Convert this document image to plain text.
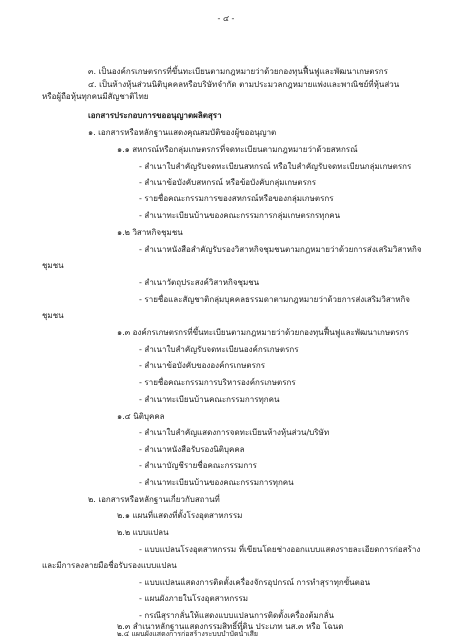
- ๔ -
๓. เป็นองค์กรเกษตรกรที่ขึ้นทะเบียนตามกฎหมายว่าด้วยกองทุนฟื้นฟูและพัฒนาเกษตรกร
๔. เป็นห้างหุ้นส่วนนิติบุคคลหรือบริษัทจำกัด ตามประมวลกฎหมายแพ่งและพาณิชย์ที่หุ้นส่วน
หรือผู้ถือหุ้นทุกคนมีสัญชาติไทย
เอกสารประกอบการขออนุญาตผลิตสุรา
๑. เอกสารหรือหลักฐานแสดงคุณสมบัติของผู้ขออนุญาต
๑.๑ สหกรณ์หรือกลุ่มเกษตรกรที่จดทะเบียนตามกฎหมายว่าด้วยสหกรณ์
- สำเนาใบสำคัญรับจดทะเบียนสหกรณ์ หรือใบสำคัญรับจดทะเบียนกลุ่มเกษตรกร
- สำเนาข้อบังคับสหกรณ์ หรือข้อบังคับกลุ่มเกษตรกร
- รายชื่อคณะกรรมการของสหกรณ์หรือของกลุ่มเกษตรกร
- สำเนาทะเบียนบ้านของคณะกรรมการกลุ่มเกษตรกรทุกคน
๑.๒ วิสาหกิจชุมชน
- สำเนาหนังสือสำคัญรับรองวิสาหกิจชุมชนตามกฎหมายว่าด้วยการส่งเสริมวิสาหกิจ
ชุมชน
- สำเนาวัตถุประสงค์วิสาหกิจชุมชน
- รายชื่อและสัญชาติกลุ่มบุคคลธรรมดาตามกฎหมายว่าด้วยการส่งเสริมวิสาหกิจ
ชุมชน
๑.๓ องค์กรเกษตรกรที่ขึ้นทะเบียนตามกฎหมายว่าด้วยกองทุนฟื้นฟูและพัฒนาเกษตรกร
- สำเนาใบสำคัญรับจดทะเบียนองค์กรเกษตรกร
- สำเนาข้อบังคับขององค์กรเกษตรกร
- รายชื่อคณะกรรมการบริหารองค์กรเกษตรกร
- สำเนาทะเบียนบ้านคณะกรรมการทุกคน
๑.๔ นิติบุคคล
- สำเนาใบสำคัญแสดงการจดทะเบียนห้างหุ้นส่วน/บริษัท
- สำเนาหนังสือรับรองนิติบุคคล
- สำเนาบัญชีรายชื่อคณะกรรมการ
- สำเนาทะเบียนบ้านของคณะกรรมการทุกคน
๒. เอกสารหรือหลักฐานเกี่ยวกับสถานที่
๒.๑ แผนที่แสดงที่ตั้งโรงอุตสาหกรรม
๒.๒ แบบแปลน
- แบบแปลนโรงอุตสาหกรรม ที่เขียนโดยช่างออกแบบแสดงรายละเอียดการก่อสร้าง
และมีการลงลายมือชื่อรับรองแบบแปลน
- แบบแปลนแสดงการติดตั้งเครื่องจักรอุปกรณ์ การทำสุราทุกขั้นตอน
- แผนผังภายในโรงอุตสาหกรรม
- กรณีสุรากลั่นให้แสดงแบบแปลนการติดตั้งเครื่องต้มกลั่น
๒.๓ สำเนาหลักฐานแสดงกรรมสิทธิ์ที่ดิน ประเภท นส.๓ หรือ โฉนด
๒.๔ แผนผังแสดงการก่อสร้างระบบบำบัดน้ำเสีย
